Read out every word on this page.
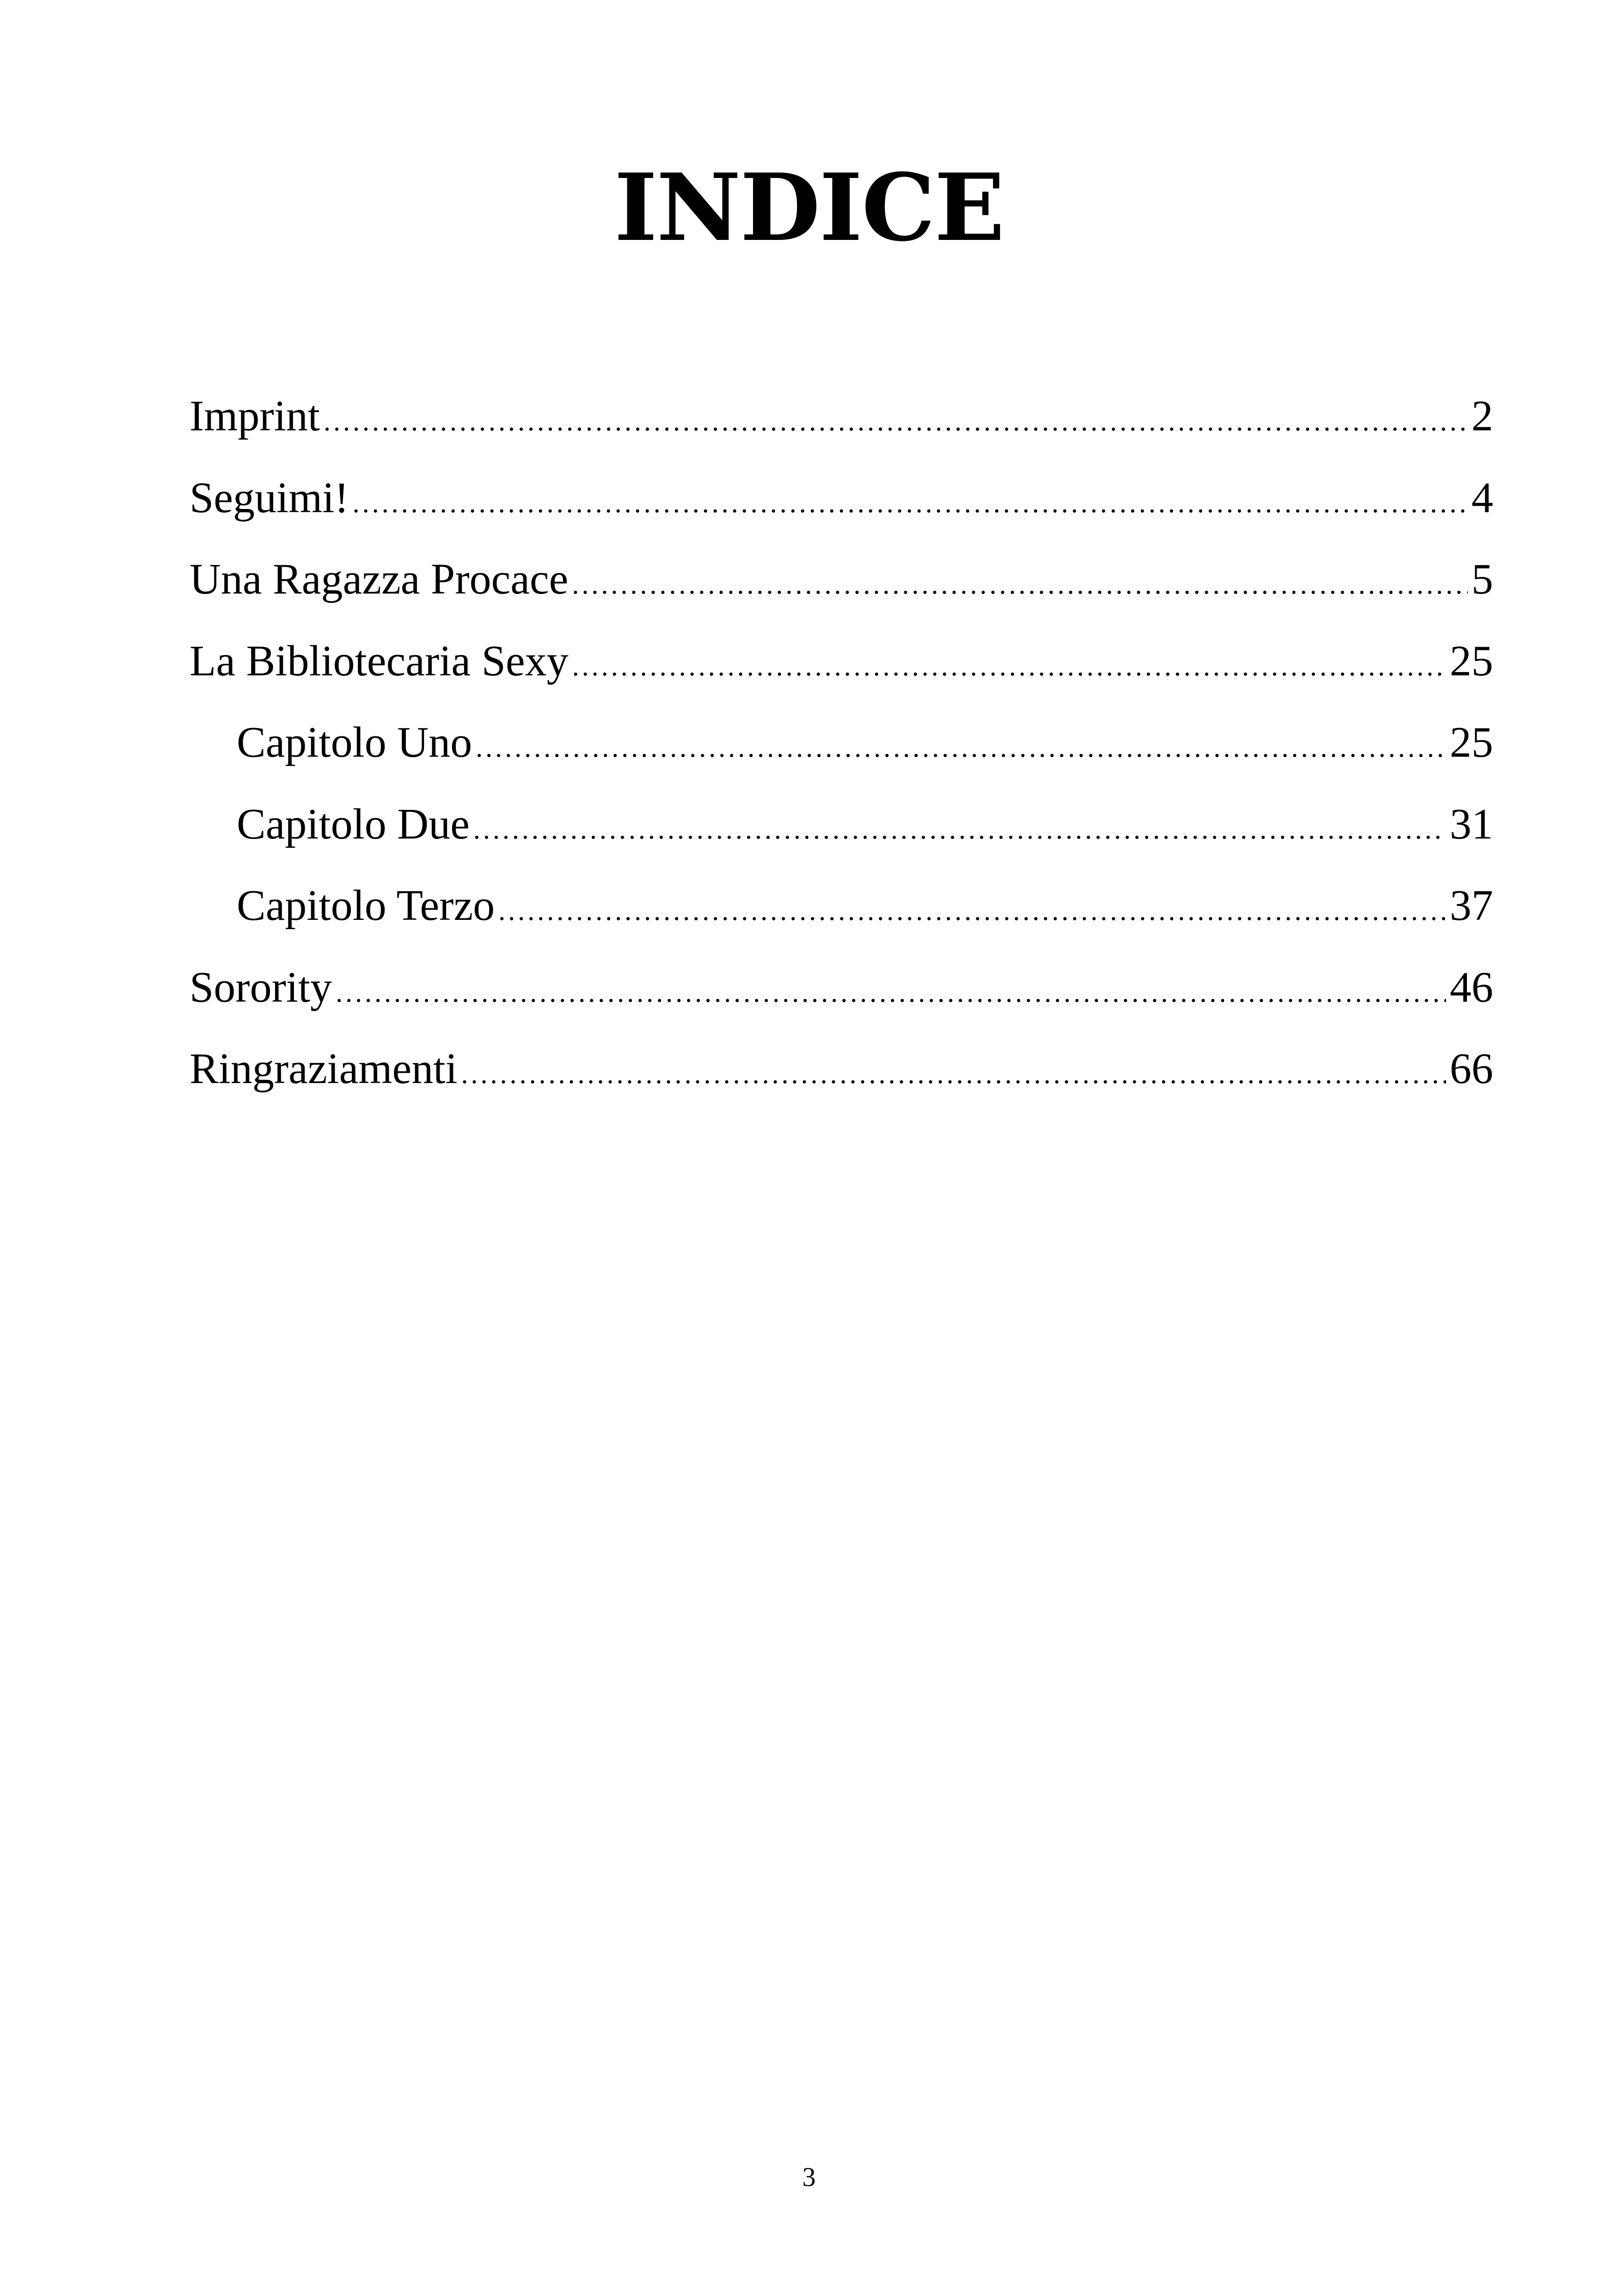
INDICE
Imprint .....	2
Seguimi! .....	4
Una Ragazza Procace .....	5
La Bibliotecaria Sexy .....	25
Capitolo Uno .....	25
Capitolo Due .....	31
Capitolo Terzo .....	37
Sorority .....	46
Ringraziamenti .....	66
3
